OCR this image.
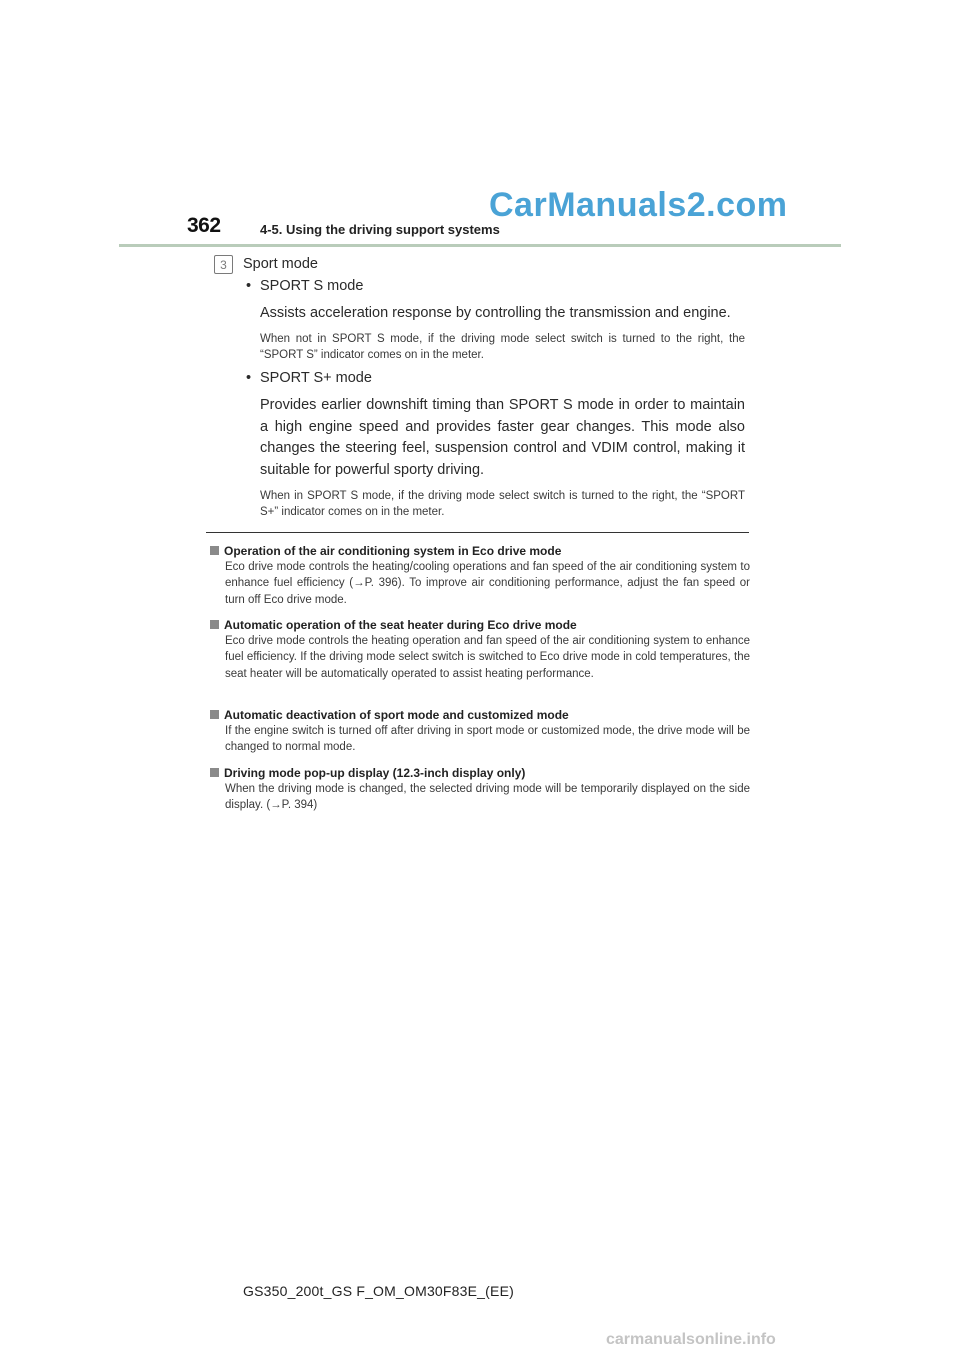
CarManuals2.com
362	4-5. Using the driving support systems
3	Sport mode
• SPORT S mode
Assists acceleration response by controlling the transmission and engine.
When not in SPORT S mode, if the driving mode select switch is turned to the right, the “SPORT S” indicator comes on in the meter.
• SPORT S+ mode
Provides earlier downshift timing than SPORT S mode in order to maintain a high engine speed and provides faster gear changes. This mode also changes the steering feel, suspension control and VDIM control, making it suitable for powerful sporty driving.
When in SPORT S mode, if the driving mode select switch is turned to the right, the “SPORT S+” indicator comes on in the meter.
Operation of the air conditioning system in Eco drive mode
Eco drive mode controls the heating/cooling operations and fan speed of the air conditioning system to enhance fuel efficiency (→P. 396). To improve air conditioning performance, adjust the fan speed or turn off Eco drive mode.
Automatic operation of the seat heater during Eco drive mode
Eco drive mode controls the heating operation and fan speed of the air conditioning system to enhance fuel efficiency. If the driving mode select switch is switched to Eco drive mode in cold temperatures, the seat heater will be automatically operated to assist heating performance.
Automatic deactivation of sport mode and customized mode
If the engine switch is turned off after driving in sport mode or customized mode, the drive mode will be changed to normal mode.
Driving mode pop-up display (12.3-inch display only)
When the driving mode is changed, the selected driving mode will be temporarily displayed on the side display. (→P. 394)
GS350_200t_GS F_OM_OM30F83E_(EE)
carmanualsonline.info
